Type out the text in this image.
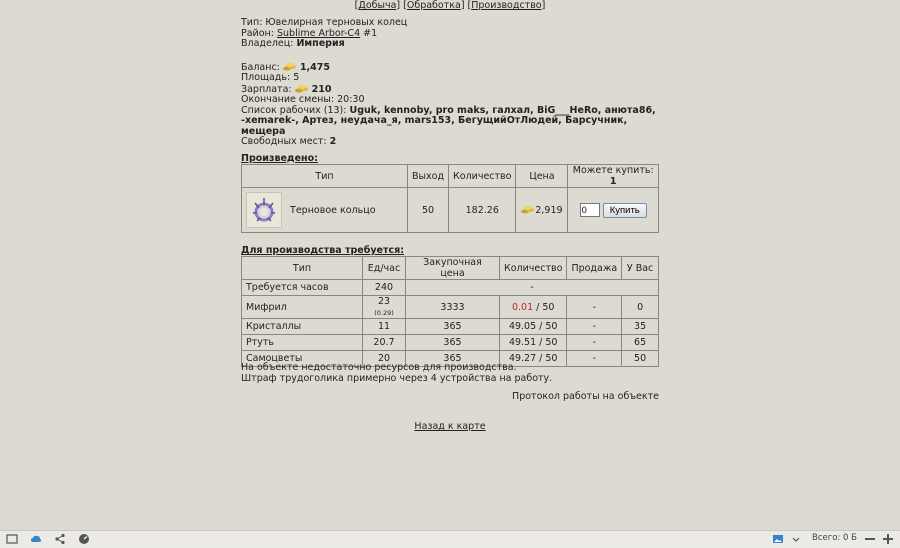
[Добыча] [Обработка] [Производство]
Тип: Ювелирная терновых колец
Район: Sublime Arbor-C4 #1
Владелец: Империя
Баланс: 1,475
Площадь: 5
Зарплата: 210
Окончание смены: 20:30
Список рабочих (13): Uguk, kennoby, pro maks, галхал, BiG___HeRo, анюта86, -xemarek-, Артез, неудача_я, mars153, БегущийОтЛюдей, Барсучник, мещера
Свободных мест: 2
Произведено:
Тип	Выход	Количество	Цена	Можете купить: 1
Терновое кольцо	50	182.26	2,919	0Купить
Для производства требуется:
Тип	Ед/час	Закупочная цена	Количество	Продажа	У Вас
Требуется часов	240	-			
Мифрил	23 (0.29)	3333	0.01 / 50	-	0
Кристаллы	11	365	49.05 / 50	-	35
Ртуть	20.7	365	49.51 / 50	-	65
Самоцветы	20	365	49.27 / 50	-	50
На объекте недостаточно ресурсов для производства.
Штраф трудоголика примерно через 4 устройства на работу.
Протокол работы на объекте
Назад к карте
Всего: 0 Б
